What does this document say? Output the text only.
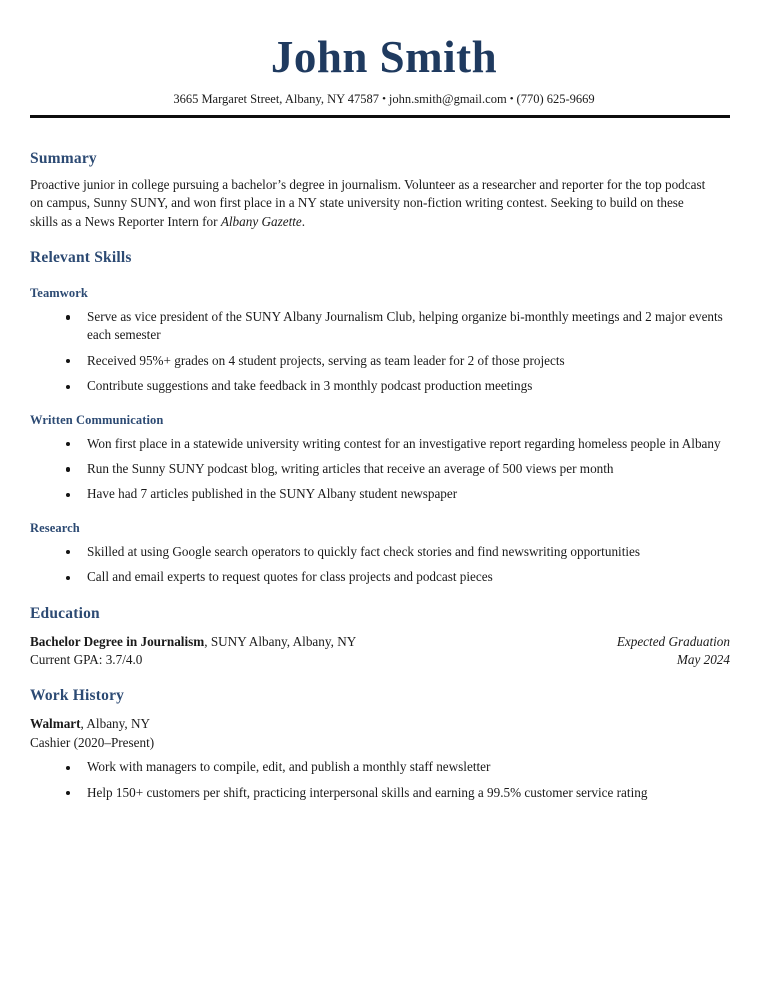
John Smith
3665 Margaret Street, Albany, NY 47587 • john.smith@gmail.com • (770) 625-9669
Summary

Proactive junior in college pursuing a bachelor’s degree in journalism. Volunteer as a researcher and reporter for the top podcast on campus, Sunny SUNY, and won first place in a NY state university non-fiction writing contest. Seeking to build on these skills as a News Reporter Intern for Albany Gazette.

Relevant Skills
Teamwork
Serve as vice president of the SUNY Albany Journalism Club, helping organize bi-monthly meetings and 2 major events each semester
Received 95%+ grades on 4 student projects, serving as team leader for 2 of those projects
Contribute suggestions and take feedback in 3 monthly podcast production meetings
Written Communication
Won first place in a statewide university writing contest for an investigative report regarding homeless people in Albany
Run the Sunny SUNY podcast blog, writing articles that receive an average of 500 views per month
Have had 7 articles published in the SUNY Albany student newspaper
Research
Skilled at using Google search operators to quickly fact check stories and find newswriting opportunities
Call and email experts to request quotes for class projects and podcast pieces
Education
Bachelor Degree in Journalism, SUNY Albany, Albany, NY	Expected Graduation
Current GPA: 3.7/4.0	May 2024
Work History
Walmart, Albany, NY
Cashier (2020–Present)
Work with managers to compile, edit, and publish a monthly staff newsletter
Help 150+ customers per shift, practicing interpersonal skills and earning a 99.5% customer service rating
